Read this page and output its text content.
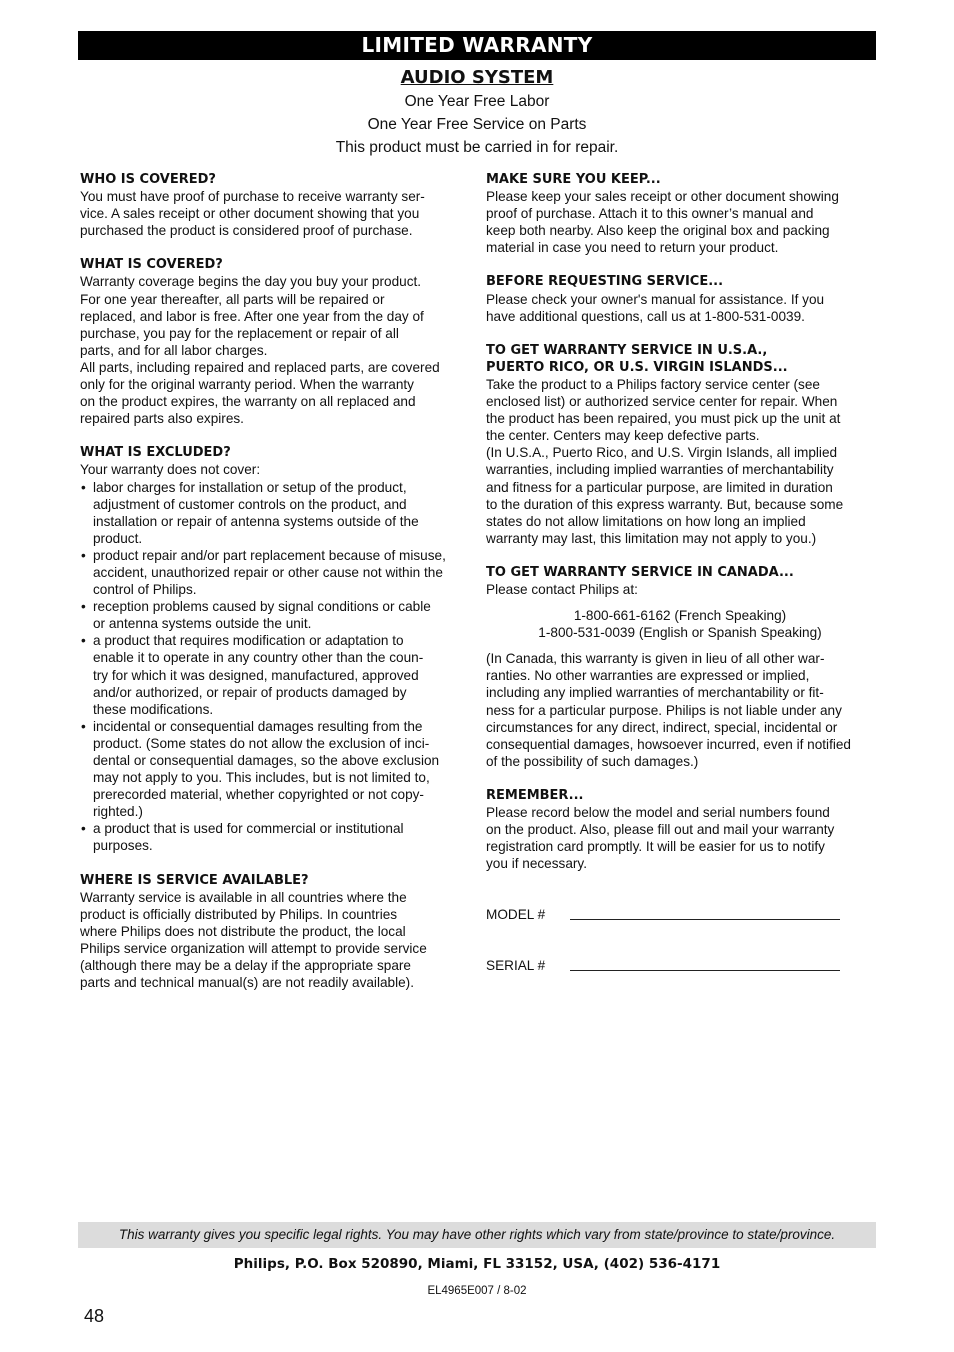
LIMITED WARRANTY
AUDIO SYSTEM
One Year Free Labor
One Year Free Service on Parts
This product must be carried in for repair.

WHO IS COVERED?

You must have proof of purchase to receive warranty ser-
vice. A sales receipt or other document showing that you
purchased the product is considered proof of purchase.

WHAT IS COVERED?

Warranty coverage begins the day you buy your product.
For one year thereafter, all parts will be repaired or
replaced, and labor is free. After one year from the day of
purchase, you pay for the replacement or repair of all
parts, and for all labor charges.
All parts, including repaired and replaced parts, are covered
only for the original warranty period. When the warranty
on the product expires, the warranty on all replaced and
repaired parts also expires.

WHAT IS EXCLUDED?

Your warranty does not cover:
• labor charges for installation or setup of the product,
adjustment of customer controls on the product, and
installation or repair of antenna systems outside of the
product.
• product repair and/or part replacement because of misuse,
accident, unauthorized repair or other cause not within the
control of Philips.
• reception problems caused by signal conditions or cable
or antenna systems outside the unit.
• a product that requires modification or adaptation to
enable it to operate in any country other than the coun-
try for which it was designed, manufactured, approved
and/or authorized, or repair of products damaged by
these modifications.
• incidental or consequential damages resulting from the
product. (Some states do not allow the exclusion of inci-
dental or consequential damages, so the above exclusion
may not apply to you. This includes, but is not limited to,
prerecorded material, whether copyrighted or not copy-
righted.)
• a product that is used for commercial or institutional
purposes.

WHERE IS SERVICE AVAILABLE?

Warranty service is available in all countries where the
product is officially distributed by Philips. In countries
where Philips does not distribute the product, the local
Philips service organization will attempt to provide service
(although there may be a delay if the appropriate spare
parts and technical manual(s) are not readily available).

MAKE SURE YOU KEEP...

Please keep your sales receipt or other document showing
proof of purchase. Attach it to this owner’s manual and
keep both nearby. Also keep the original box and packing
material in case you need to return your product.

BEFORE REQUESTING SERVICE...

Please check your owner's manual for assistance. If you
have additional questions, call us at 1-800-531-0039.

TO GET WARRANTY SERVICE IN U.S.A.,

PUERTO RICO, OR U.S. VIRGIN ISLANDS...

Take the product to a Philips factory service center (see
enclosed list) or authorized service center for repair. When
the product has been repaired, you must pick up the unit at
the center. Centers may keep defective parts.
(In U.S.A., Puerto Rico, and U.S. Virgin Islands, all implied
warranties, including implied warranties of merchantability
and fitness for a particular purpose, are limited in duration
to the duration of this express warranty. But, because some
states do not allow limitations on how long an implied
warranty may last, this limitation may not apply to you.)

TO GET WARRANTY SERVICE IN CANADA...

Please contact Philips at:
1-800-661-6162 (French Speaking)
1-800-531-0039 (English or Spanish Speaking)
(In Canada, this warranty is given in lieu of all other war-
ranties. No other warranties are expressed or implied,
including any implied warranties of merchantability or fit-
ness for a particular purpose. Philips is not liable under any
circumstances for any direct, indirect, special, incidental or
consequential damages, howsoever incurred, even if notified
of the possibility of such damages.)

REMEMBER...

Please record below the model and serial numbers found
on the product. Also, please fill out and mail your warranty
registration card promptly. It will be easier for us to notify
you if necessary.
MODEL #
SERIAL #
This warranty gives you specific legal rights. You may have other rights which vary from state/province to state/province.
Philips, P.O. Box 520890, Miami, FL 33152, USA, (402) 536-4171
EL4965E007 / 8-02
48
